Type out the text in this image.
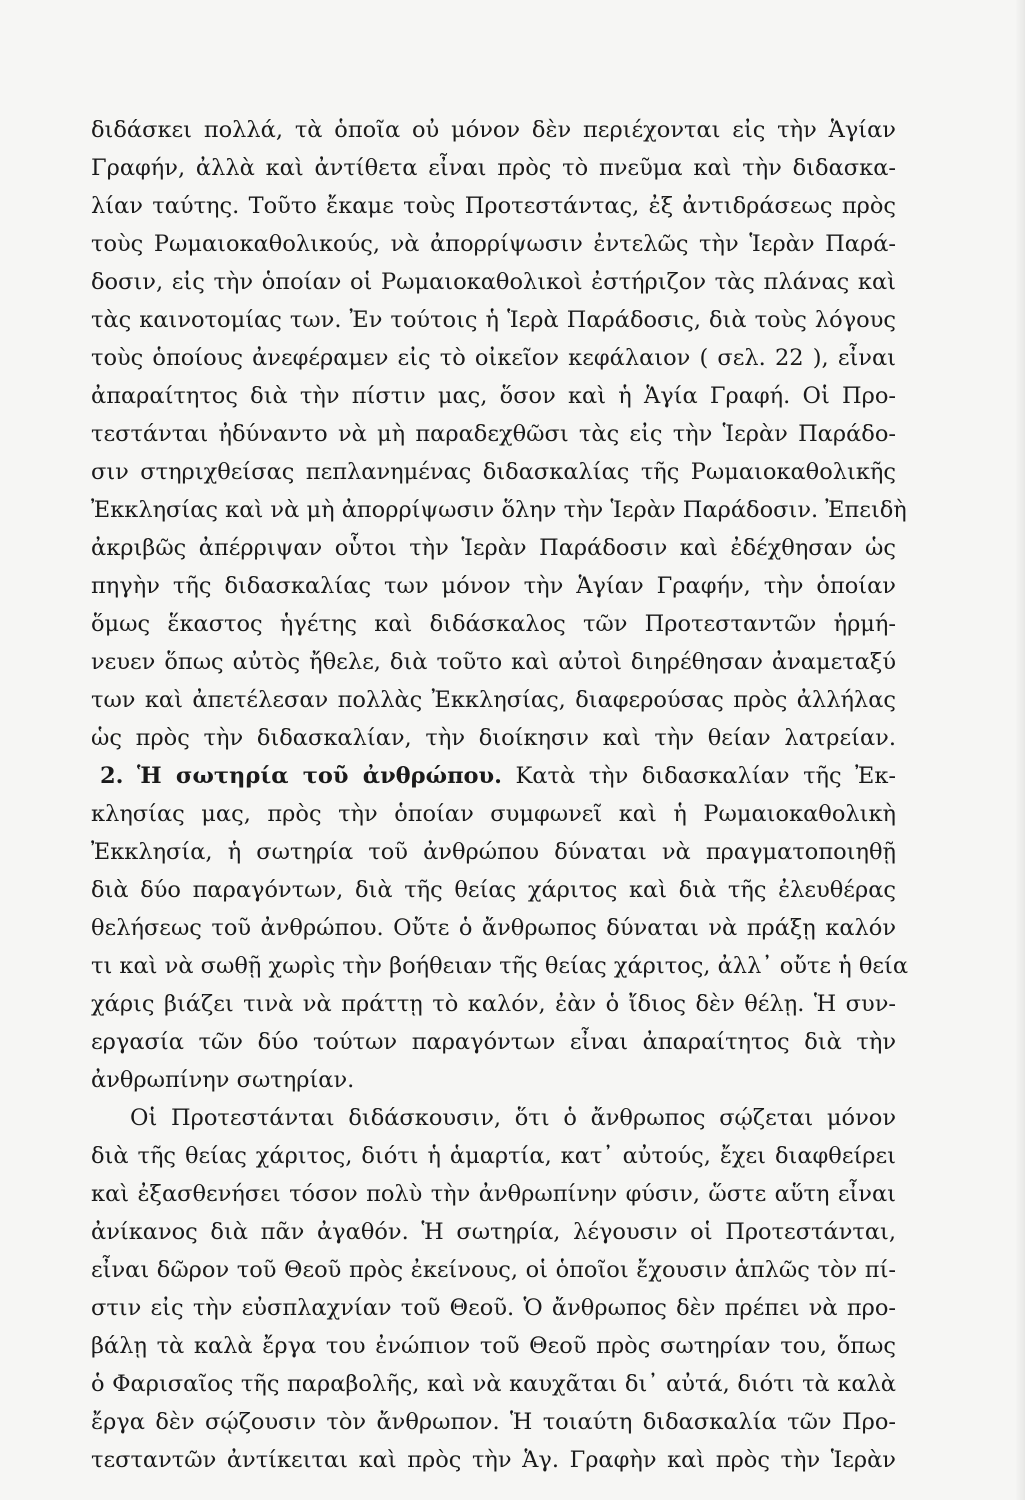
διδάσκει πολλά, τὰ ὁποῖα οὐ μόνον δὲν περιέχονται εἰς τὴν Ἁγίαν

Γραφήν, ἀλλὰ καὶ ἀντίθετα εἶναι πρὸς τὸ πνεῦμα καὶ τὴν διδασκα-

λίαν ταύτης. Τοῦτο ἔκαμε τοὺς Προτεστάντας, ἐξ ἀντιδράσεως πρὸς

τοὺς Ρωμαιοκαθολικούς, νὰ ἀπορρίψωσιν ἐντελῶς τὴν Ἱερὰν Παρά-

δοσιν, εἰς τὴν ὁποίαν οἱ Ρωμαιοκαθολικοὶ ἐστήριζον τὰς πλάνας καὶ

τὰς καινοτομίας των. Ἐν τούτοις ἡ Ἱερὰ Παράδοσις, διὰ τοὺς λόγους

τοὺς ὁποίους ἀνεφέραμεν εἰς τὸ οἰκεῖον κεφάλαιον ( σελ. 22 ), εἶναι

ἀπαραίτητος διὰ τὴν πίστιν μας, ὅσον καὶ ἡ Ἁγία Γραφή. Οἱ Προ-

τεστάνται ἠδύναντο νὰ μὴ παραδεχθῶσι τὰς εἰς τὴν Ἱερὰν Παράδο-

σιν στηριχθείσας πεπλανημένας διδασκαλίας τῆς Ρωμαιοκαθολικῆς

Ἐκκλησίας καὶ νὰ μὴ ἀπορρίψωσιν ὅλην τὴν Ἱερὰν Παράδοσιν. Ἐπειδὴ

ἀκριβῶς ἀπέρριψαν οὗτοι τὴν Ἱερὰν Παράδοσιν καὶ ἐδέχθησαν ὡς

πηγὴν τῆς διδασκαλίας των μόνον τὴν Ἁγίαν Γραφήν, τὴν ὁποίαν

ὅμως ἕκαστος ἡγέτης καὶ διδάσκαλος τῶν Προτεσταντῶν ἡρμή-

νευεν ὅπως αὐτὸς ἤθελε, διὰ τοῦτο καὶ αὐτοὶ διηρέθησαν ἀναμεταξύ

των καὶ ἀπετέλεσαν πολλὰς Ἐκκλησίας, διαφερούσας πρὸς ἀλλήλας

ὡς πρὸς τὴν διδασκαλίαν, τὴν διοίκησιν καὶ τὴν θείαν λατρείαν.

2. Ἡ σωτηρία τοῦ ἀνθρώπου. Κατὰ τὴν διδασκαλίαν τῆς Ἐκ-

κλησίας μας, πρὸς τὴν ὁποίαν συμφωνεῖ καὶ ἡ Ρωμαιοκαθολικὴ

Ἐκκλησία, ἡ σωτηρία τοῦ ἀνθρώπου δύναται νὰ πραγματοποιηθῇ

διὰ δύο παραγόντων, διὰ τῆς θείας χάριτος καὶ διὰ τῆς ἐλευθέρας

θελήσεως τοῦ ἀνθρώπου. Οὔτε ὁ ἄνθρωπος δύναται νὰ πράξῃ καλόν

τι καὶ νὰ σωθῇ χωρὶς τὴν βοήθειαν τῆς θείας χάριτος, ἀλλ᾽ οὔτε ἡ θεία

χάρις βιάζει τινὰ νὰ πράττῃ τὸ καλόν, ἐὰν ὁ ἴδιος δὲν θέλῃ. Ἡ συν-

εργασία τῶν δύο τούτων παραγόντων εἶναι ἀπαραίτητος διὰ τὴν

ἀνθρωπίνην σωτηρίαν.

Οἱ Προτεστάνται διδάσκουσιν, ὅτι ὁ ἄνθρωπος σῴζεται μόνον

διὰ τῆς θείας χάριτος, διότι ἡ ἁμαρτία, κατ᾽ αὐτούς, ἔχει διαφθείρει

καὶ ἐξασθενήσει τόσον πολὺ τὴν ἀνθρωπίνην φύσιν, ὥστε αὕτη εἶναι

ἀνίκανος διὰ πᾶν ἀγαθόν. Ἡ σωτηρία, λέγουσιν οἱ Προτεστάνται,

εἶναι δῶρον τοῦ Θεοῦ πρὸς ἐκείνους, οἱ ὁποῖοι ἔχουσιν ἁπλῶς τὸν πί-

στιν εἰς τὴν εὐσπλαχνίαν τοῦ Θεοῦ. Ὁ ἄνθρωπος δὲν πρέπει νὰ προ-

βάλῃ τὰ καλὰ ἔργα του ἐνώπιον τοῦ Θεοῦ πρὸς σωτηρίαν του, ὅπως

ὁ Φαρισαῖος τῆς παραβολῆς, καὶ νὰ καυχᾶται δι᾽ αὐτά, διότι τὰ καλὰ

ἔργα δὲν σῴζουσιν τὸν ἄνθρωπον. Ἡ τοιαύτη διδασκαλία τῶν Προ-

τεσταντῶν ἀντίκειται καὶ πρὸς τὴν Ἁγ. Γραφὴν καὶ πρὸς τὴν Ἱερὰν
